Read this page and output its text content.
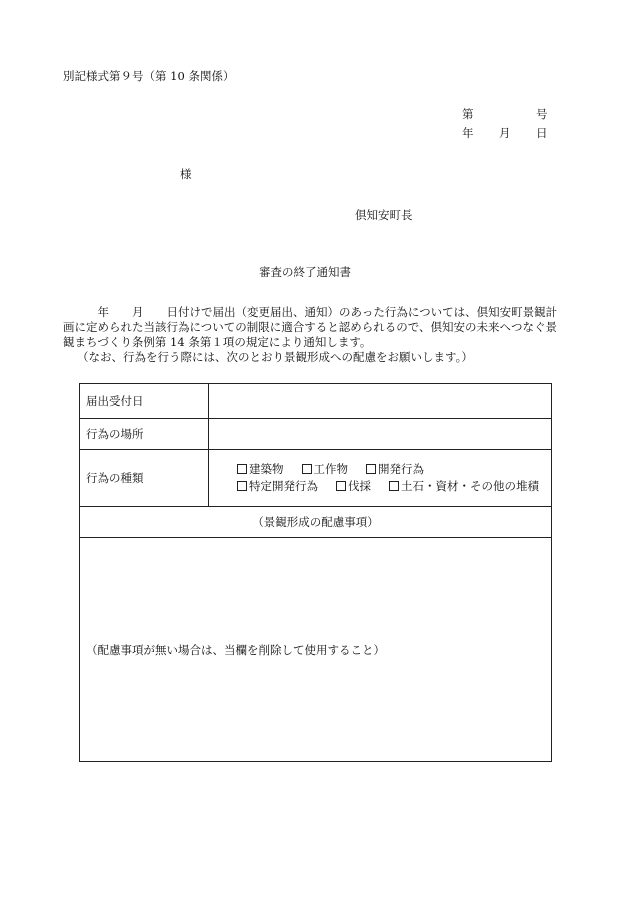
別記様式第９号（第 10 条関係）
第	号
年 月 日
様
倶知安町長
審査の終了通知書

　　　年　　月　　日付けで届出（変更届出、通知）のあった行為については、倶知安町景観計

画に定められた当該行為についての制限に適合すると認められるので、倶知安の未来へつなぐ景

観まちづくり条例第 14 条第１項の規定により通知します。

（なお、行為を行う際には、次のとおり景観形成への配慮をお願いします。）

届出受付日	
行為の場所	
行為の種類	建築物 工作物 開発行為
特定開発行為 伐採 土石・資材・その他の堆積

（景観形成の配慮事項）	
（配慮事項が無い場合は、当欄を削除して使用すること）	
